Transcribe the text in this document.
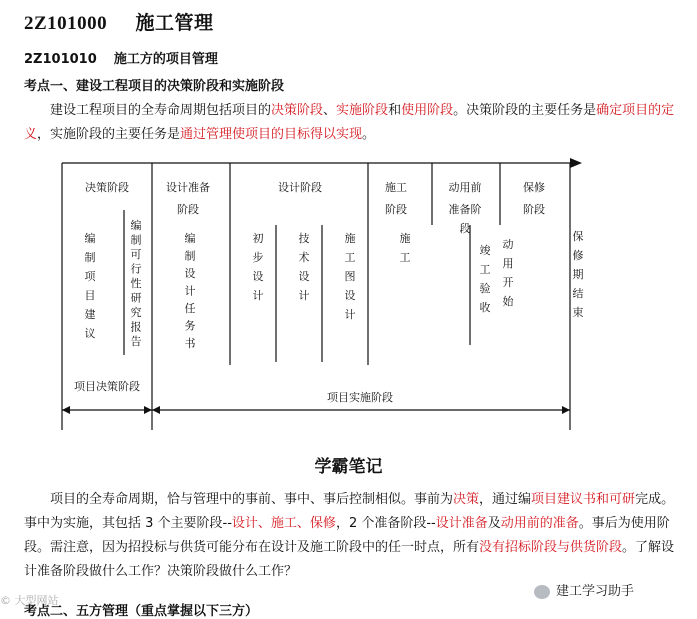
2Z101000 施工管理
2Z101010 施工方的项目管理
考点一、建设工程项目的决策阶段和实施阶段
建设工程项目的全寿命周期包括项目的决策阶段、实施阶段和使用阶段。决策阶段的主要任务是确定项目的定义，实施阶段的主要任务是通过管理使项目的目标得以实现。
决策阶段	设计准备
阶段
设计阶段	施工
阶段
动用前
准备阶
段
保修
阶段
编制项目建议
编制可行性研究报告
编制设计任务书
初步设计
技术设计
施工图设计
施工
竣工验收
动用开始
保修期结束
项目决策阶段
项目实施阶段
学霸笔记
项目的全寿命周期，恰与管理中的事前、事中、事后控制相似。事前为决策，通过编项目建议书和可研完成。事中为实施，其包括 3 个主要阶段--设计、施工、保修，2 个准备阶段--设计准备及动用前的准备。事后为使用阶段。需注意，因为招投标与供货可能分布在设计及施工阶段中的任一时点，所有没有招标阶段与供货阶段。了解设计准备阶段做什么工作？决策阶段做什么工作？
考点二、五方管理（重点掌握以下三方）
© 大型网站
建工学习助手
